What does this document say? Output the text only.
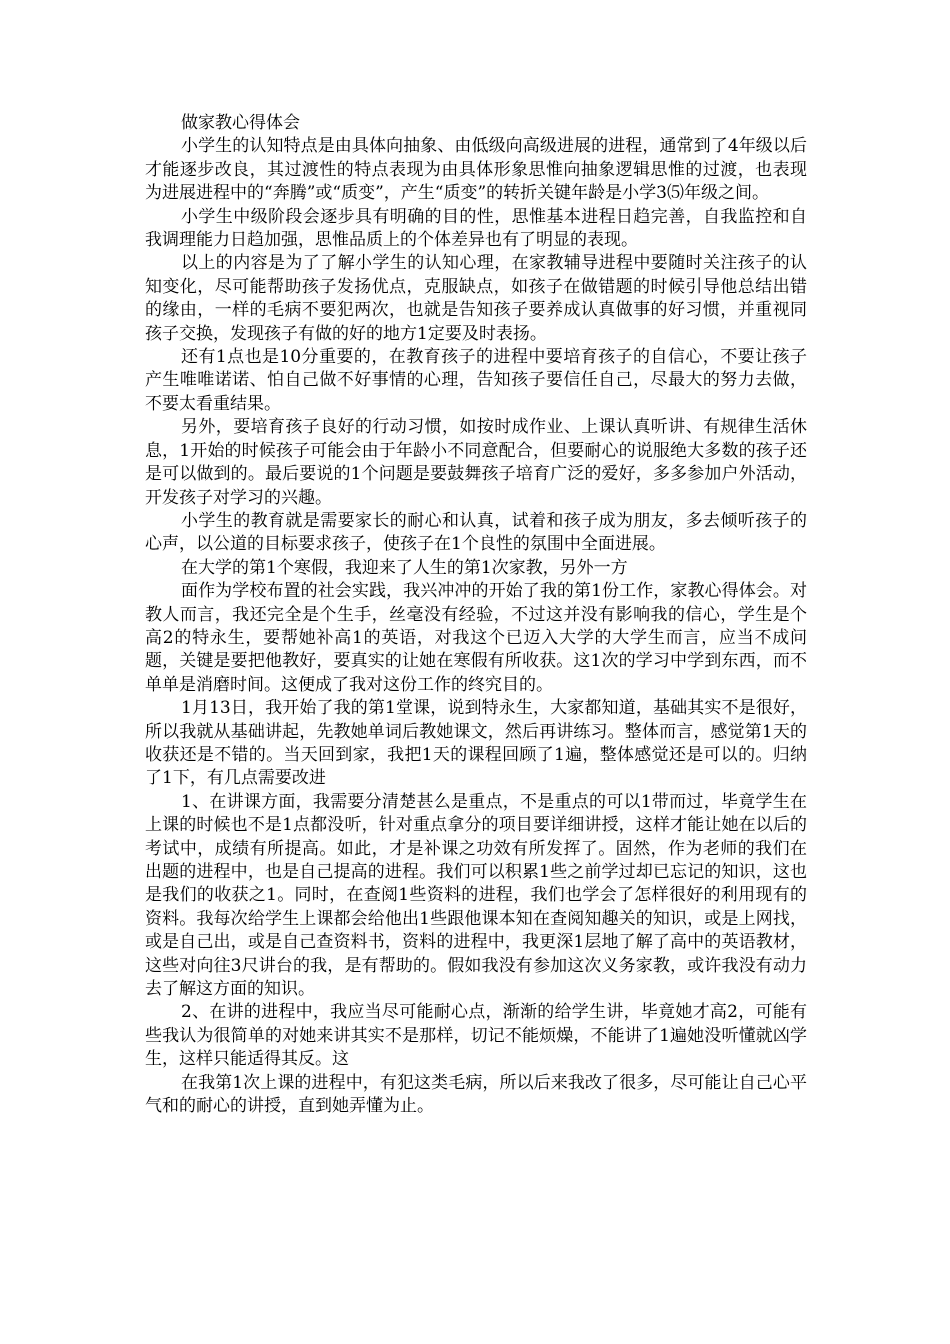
做家教心得体会

小学生的认知特点是由具体向抽象、由低级向高级进展的进程，通常到了4年级以后才能逐步改良，其过渡性的特点表现为由具体形象思惟向抽象逻辑思惟的过渡，也表现为进展进程中的“奔腾”或“质变”，产生“质变”的转折关键年龄是小学3⑸年级之间。

小学生中级阶段会逐步具有明确的目的性，思惟基本进程日趋完善，自我监控和自我调理能力日趋加强，思惟品质上的个体差异也有了明显的表现。

以上的内容是为了了解小学生的认知心理，在家教辅导进程中要随时关注孩子的认知变化，尽可能帮助孩子发扬优点，克服缺点，如孩子在做错题的时候引导他总结出错的缘由，一样的毛病不要犯两次，也就是告知孩子要养成认真做事的好习惯，并重视同孩子交换，发现孩子有做的好的地方1定要及时表扬。

还有1点也是10分重要的，在教育孩子的进程中要培育孩子的自信心，不要让孩子产生唯唯诺诺、怕自己做不好事情的心理，告知孩子要信任自己，尽最大的努力去做，不要太看重结果。

另外，要培育孩子良好的行动习惯，如按时成作业、上课认真听讲、有规律生活休息，1开始的时候孩子可能会由于年龄小不同意配合，但要耐心的说服绝大多数的孩子还是可以做到的。最后要说的1个问题是要鼓舞孩子培育广泛的爱好，多多参加户外活动，开发孩子对学习的兴趣。

小学生的教育就是需要家长的耐心和认真，试着和孩子成为朋友，多去倾听孩子的心声，以公道的目标要求孩子，使孩子在1个良性的氛围中全面进展。

在大学的第1个寒假，我迎来了人生的第1次家教，另外一方

面作为学校布置的社会实践，我兴冲冲的开始了我的第1份工作，家教心得体会。对教人而言，我还完全是个生手，丝毫没有经验，不过这并没有影响我的信心，学生是个高2的特永生，要帮她补高1的英语，对我这个已迈入大学的大学生而言，应当不成问题，关键是要把他教好，要真实的让她在寒假有所收获。这1次的学习中学到东西，而不单单是消磨时间。这便成了我对这份工作的终究目的。

1月13日，我开始了我的第1堂课，说到特永生，大家都知道，基础其实不是很好，所以我就从基础讲起，先教她单词后教她课文，然后再讲练习。整体而言，感觉第1天的收获还是不错的。当天回到家，我把1天的课程回顾了1遍，整体感觉还是可以的。归纳了1下，有几点需要改进

1、在讲课方面，我需要分清楚甚么是重点，不是重点的可以1带而过，毕竟学生在上课的时候也不是1点都没听，针对重点拿分的项目要详细讲授，这样才能让她在以后的考试中，成绩有所提高。如此，才是补课之功效有所发挥了。固然，作为老师的我们在出题的进程中，也是自己提高的进程。我们可以积累1些之前学过却已忘记的知识，这也是我们的收获之1。同时，在查阅1些资料的进程，我们也学会了怎样很好的利用现有的资料。我每次给学生上课都会给他出1些跟他课本知在查阅知趣关的知识，或是上网找，或是自己出，或是自己查资料书，资料的进程中，我更深1层地了解了高中的英语教材，这些对向往3尺讲台的我，是有帮助的。假如我没有参加这次义务家教，或许我没有动力去了解这方面的知识。

2、在讲的进程中，我应当尽可能耐心点，渐渐的给学生讲，毕竟她才高2，可能有些我认为很简单的对她来讲其实不是那样，切记不能烦燥，不能讲了1遍她没听懂就凶学生，这样只能适得其反。这

在我第1次上课的进程中，有犯这类毛病，所以后来我改了很多，尽可能让自己心平气和的耐心的讲授，直到她弄懂为止。
